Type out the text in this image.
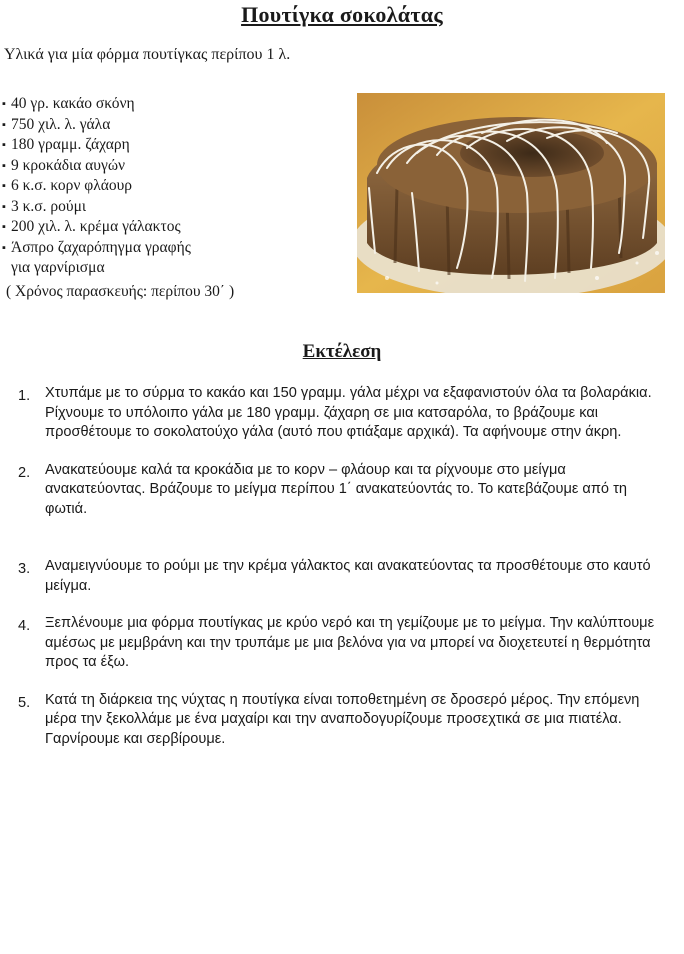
Πουτίγκα σοκολάτας
Υλικά για μία φόρμα πουτίγκας περίπου 1 λ.
▪ 40 γρ. κακάο σκόνη
▪ 750 χιλ. λ. γάλα
▪ 180 γραμμ. ζάχαρη
▪ 9 κροκάδια αυγών
▪ 6 κ.σ. κορν φλάουρ
▪ 3 κ.σ. ρούμι
▪ 200 χιλ. λ. κρέμα γάλακτος
▪ Άσπρο ζαχαρόπηγμα γραφής
για γαρνίρισμα
( Χρόνος παρασκευής: περίπου 30΄ )
Εκτέλεση
1. Χτυπάμε με το σύρμα το κακάο και 150 γραμμ. γάλα μέχρι να εξαφανιστούν όλα τα βολαράκια. Ρίχνουμε το υπόλοιπο γάλα με 180 γραμμ. ζάχαρη σε μια κατσαρόλα, το βράζουμε και προσθέτουμε το σοκολατούχο γάλα (αυτό που φτιάξαμε αρχικά). Τα αφήνουμε στην άκρη.
2. Ανακατεύουμε καλά τα κροκάδια με το κορν – φλάουρ και τα ρίχνουμε στο μείγμα ανακατεύοντας. Βράζουμε το μείγμα περίπου 1΄ ανακατεύοντάς το. Το κατεβάζουμε από τη φωτιά.
3. Αναμειγνύουμε το ρούμι με την κρέμα γάλακτος και ανακατεύοντας τα προσθέτουμε στο καυτό μείγμα.
4. Ξεπλένουμε μια φόρμα πουτίγκας με κρύο νερό και τη γεμίζουμε με το μείγμα. Την καλύπτουμε αμέσως με μεμβράνη και την τρυπάμε με μια βελόνα για να μπορεί να διοχετευτεί η θερμότητα προς τα έξω.
5. Κατά τη διάρκεια της νύχτας η πουτίγκα είναι τοποθετημένη σε δροσερό μέρος. Την επόμενη μέρα την ξεκολλάμε με ένα μαχαίρι και την αναποδογυρίζουμε προσεχτικά σε μια πιατέλα. Γαρνίρουμε και σερβίρουμε.
